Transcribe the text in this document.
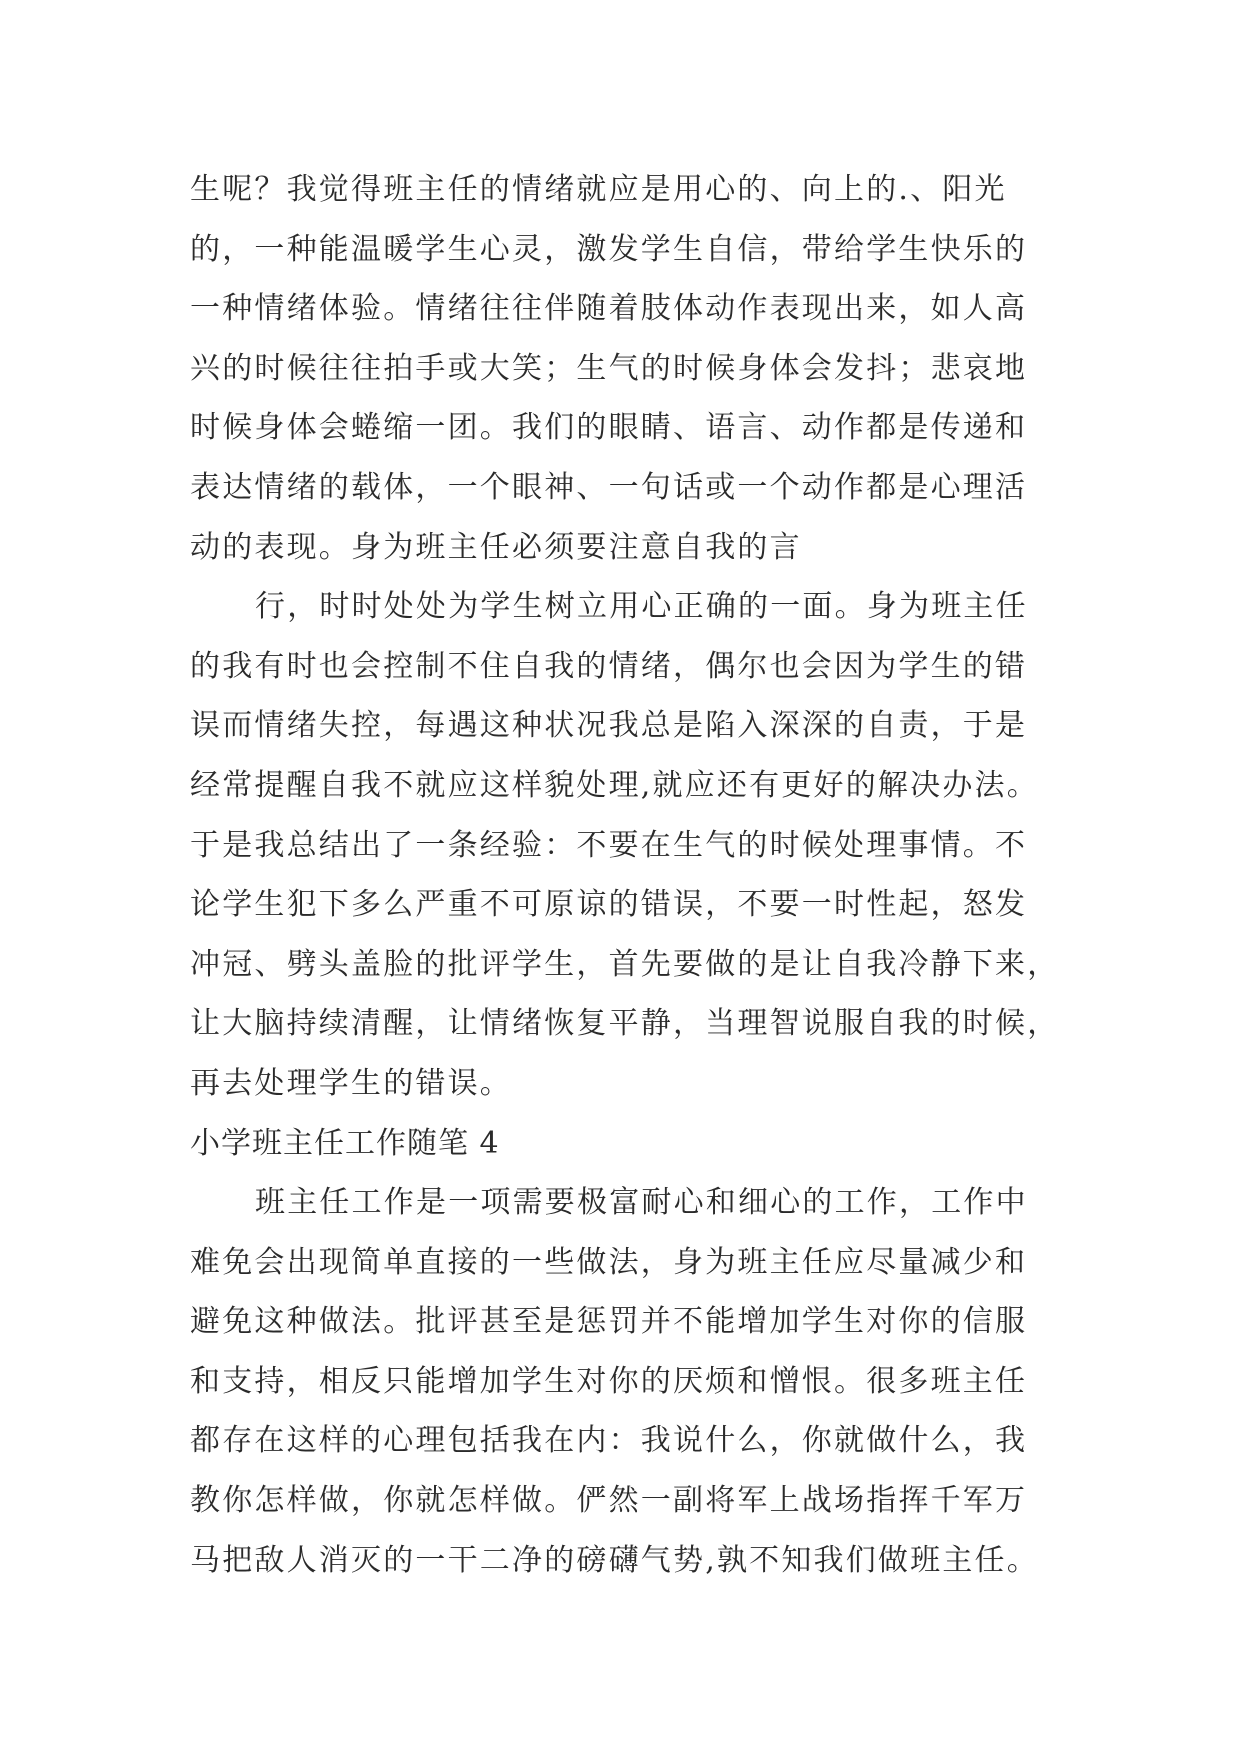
生呢？我觉得班主任的情绪就应是用心的、向上的.、阳光
的，一种能温暖学生心灵，激发学生自信，带给学生快乐的
一种情绪体验。情绪往往伴随着肢体动作表现出来，如人高
兴的时候往往拍手或大笑；生气的时候身体会发抖；悲哀地
时候身体会蜷缩一团。我们的眼睛、语言、动作都是传递和
表达情绪的载体，一个眼神、一句话或一个动作都是心理活
动的表现。身为班主任必须要注意自我的言
行，时时处处为学生树立用心正确的一面。身为班主任
的我有时也会控制不住自我的情绪，偶尔也会因为学生的错
误而情绪失控，每遇这种状况我总是陷入深深的自责，于是
经常提醒自我不就应这样貌处理,就应还有更好的解决办法。
于是我总结出了一条经验：不要在生气的时候处理事情。不
论学生犯下多么严重不可原谅的错误，不要一时性起，怒发
冲冠、劈头盖脸的批评学生，首先要做的是让自我冷静下来，
让大脑持续清醒，让情绪恢复平静，当理智说服自我的时候，
再去处理学生的错误。
小学班主任工作随笔 4
班主任工作是一项需要极富耐心和细心的工作，工作中
难免会出现简单直接的一些做法，身为班主任应尽量减少和
避免这种做法。批评甚至是惩罚并不能增加学生对你的信服
和支持，相反只能增加学生对你的厌烦和憎恨。很多班主任
都存在这样的心理包括我在内：我说什么，你就做什么，我
教你怎样做，你就怎样做。俨然一副将军上战场指挥千军万
马把敌人消灭的一干二净的磅礴气势,孰不知我们做班主任。
